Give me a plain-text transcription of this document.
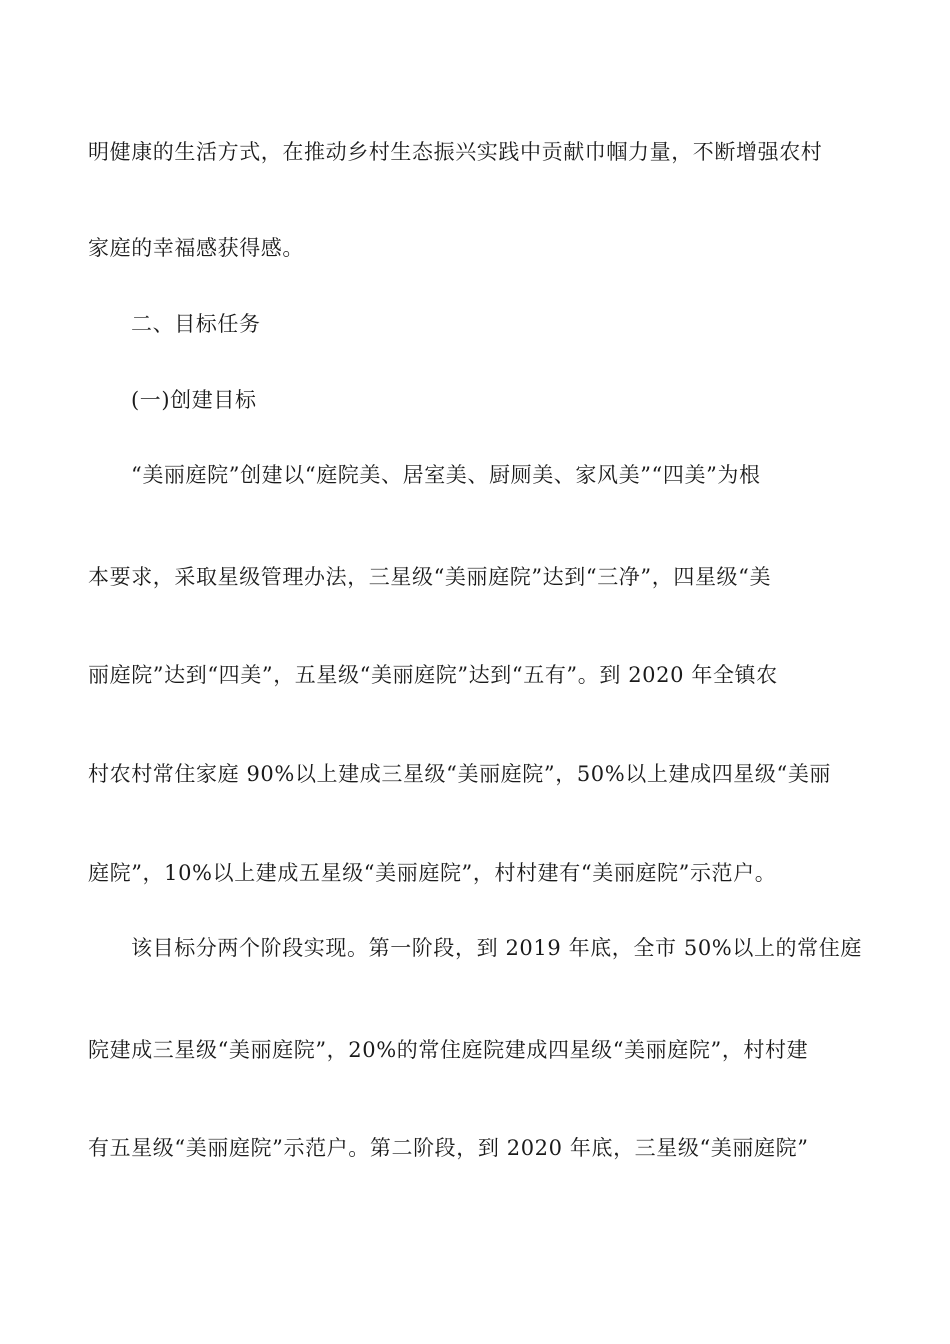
明健康的生活方式，在推动乡村生态振兴实践中贡献巾帼力量，不断增强农村
家庭的幸福感获得感。
二、目标任务
(一)创建目标
“美丽庭院”创建以“庭院美、居室美、厨厕美、家风美”“四美”为根
本要求，采取星级管理办法，三星级“美丽庭院”达到“三净”，四星级“美
丽庭院”达到“四美”，五星级“美丽庭院”达到“五有”。到 2020 年全镇农
村农村常住家庭 90%以上建成三星级“美丽庭院”，50%以上建成四星级“美丽
庭院”，10%以上建成五星级“美丽庭院”，村村建有“美丽庭院”示范户。
该目标分两个阶段实现。第一阶段，到 2019 年底，全市 50%以上的常住庭
院建成三星级“美丽庭院”，20%的常住庭院建成四星级“美丽庭院”，村村建
有五星级“美丽庭院”示范户。第二阶段，到 2020 年底，三星级“美丽庭院”
